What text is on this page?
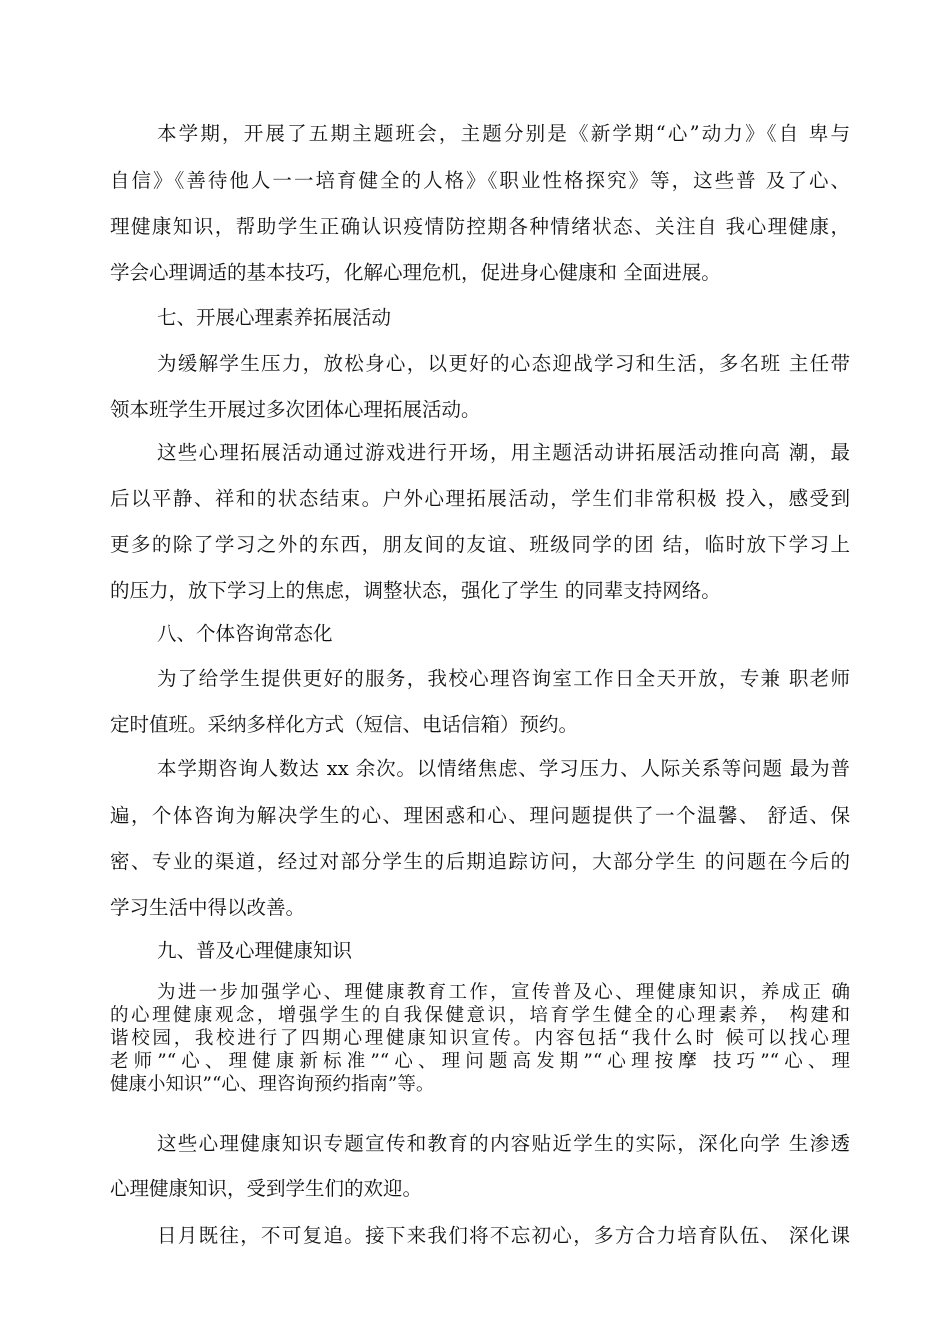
本学期，开展了五期主题班会，主题分别是《新学期“心”动力》《自 卑与
自信》《善待他人一一培育健全的人格》《职业性格探究》等，这些普 及了心、
理健康知识，帮助学生正确认识疫情防控期各种情绪状态、关注自 我心理健康，
学会心理调适的基本技巧，化解心理危机，促进身心健康和 全面进展。
七、开展心理素养拓展活动
为缓解学生压力，放松身心，以更好的心态迎战学习和生活，多名班 主任带
领本班学生开展过多次团体心理拓展活动。
这些心理拓展活动通过游戏进行开场，用主题活动讲拓展活动推向高 潮，最
后以平静、祥和的状态结束。户外心理拓展活动，学生们非常积极 投入，感受到
更多的除了学习之外的东西，朋友间的友谊、班级同学的团 结，临时放下学习上
的压力，放下学习上的焦虑，调整状态，强化了学生 的同辈支持网络。
八、个体咨询常态化
为了给学生提供更好的服务，我校心理咨询室工作日全天开放，专兼 职老师
定时值班。采纳多样化方式（短信、电话信箱）预约。
本学期咨询人数达 xx 余次。以情绪焦虑、学习压力、人际关系等问题 最为普
遍，个体咨询为解决学生的心、理困惑和心、理问题提供了一个温馨、 舒适、保
密、专业的渠道，经过对部分学生的后期追踪访问，大部分学生 的问题在今后的
学习生活中得以改善。
九、普及心理健康知识
为进一步加强学心、理健康教育工作，宣传普及心、理健康知识，养成正 确
的心理健康观念，增强学生的自我保健意识，培育学生健全的心理素养， 构建和
谐校园，我校进行了四期心理健康知识宣传。内容包括“我什么时 候可以找心理
老师”“心、理健康新标准”“心、理问题高发期”“心理按摩 技巧”“心、理
健康小知识”“心、理咨询预约指南”等。
这些心理健康知识专题宣传和教育的内容贴近学生的实际，深化向学 生渗透
心理健康知识，受到学生们的欢迎。
日月既往，不可复追。接下来我们将不忘初心，多方合力培育队伍、 深化课
